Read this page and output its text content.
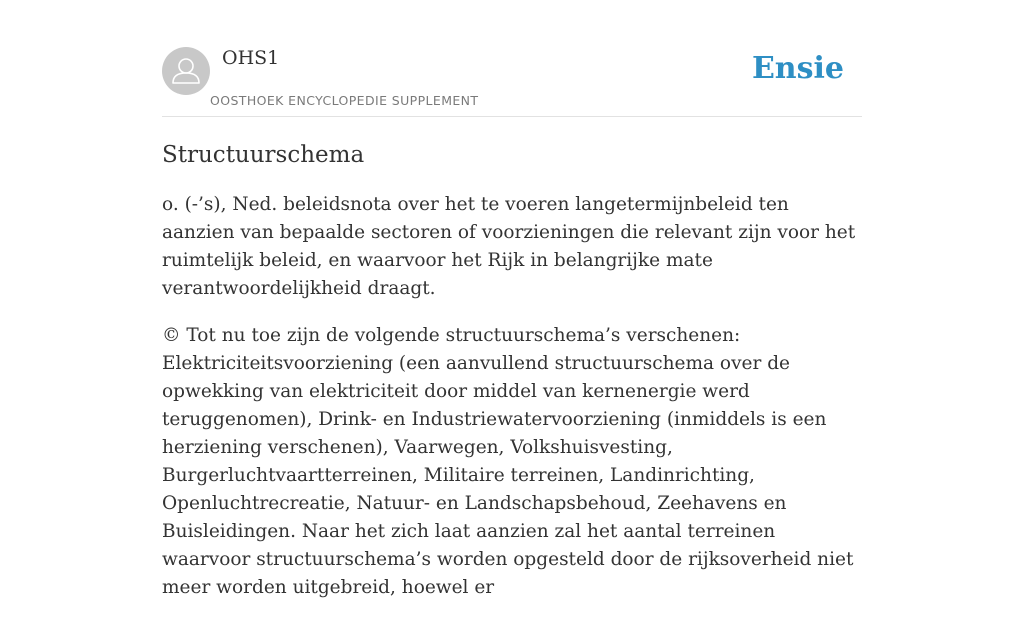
OHS1
OOSTHOEK ENCYCLOPEDIE SUPPLEMENT
Ensie
Structuurschema

o. (-’s), Ned. beleidsnota over het te voeren langetermijnbeleid ten aanzien van bepaalde sectoren of voorzieningen die relevant zijn voor het ruimtelijk beleid, en waarvoor het Rijk in belangrijke mate verantwoordelijkheid draagt.

© Tot nu toe zijn de volgende structuurschema’s verschenen: Elektriciteitsvoorziening (een aanvullend structuurschema over de opwekking van elektriciteit door middel van kernenergie werd teruggenomen), Drink- en Industriewatervoorziening (inmiddels is een herziening verschenen), Vaarwegen, Volkshuisvesting, Burgerluchtvaartterreinen, Militaire terreinen, Landinrichting, Openluchtrecreatie, Natuur- en Landschapsbehoud, Zeehavens en Buisleidingen. Naar het zich laat aanzien zal het aantal terreinen waarvoor structuurschema’s worden opgesteld door de rijksoverheid niet meer worden uitgebreid, hoewel er
